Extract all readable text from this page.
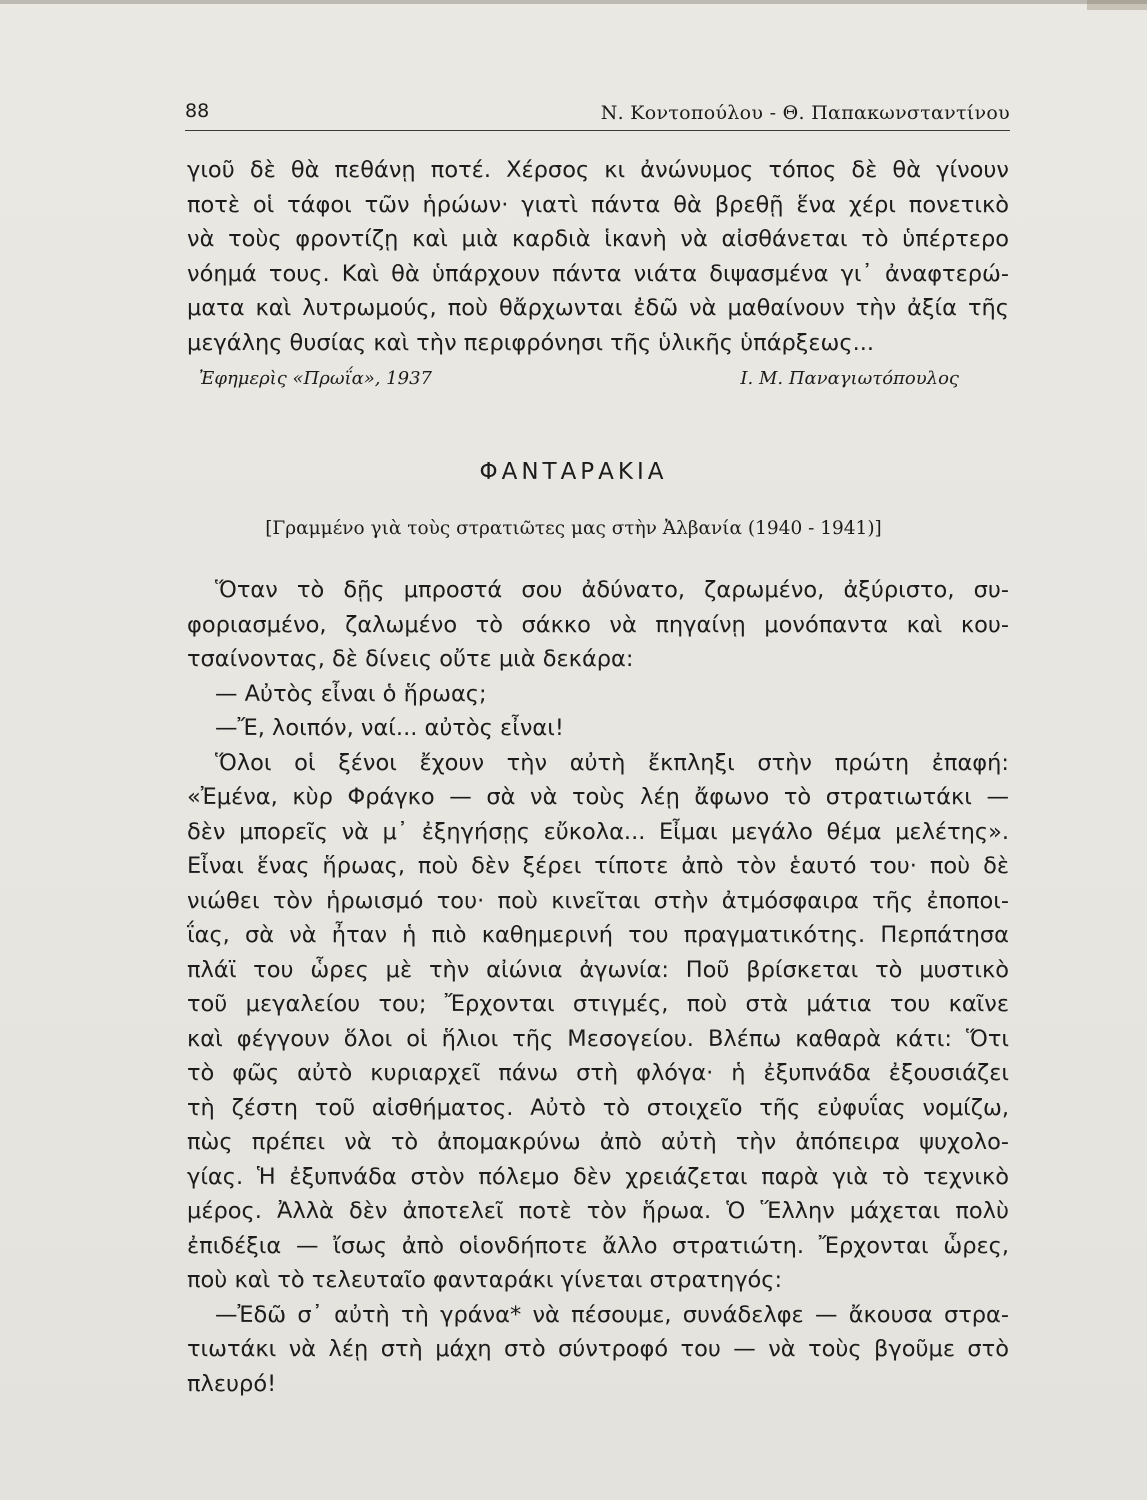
88	Ν. Κοντοπούλου - Θ. Παπακωνσταντίνου
γιοῦ δὲ θὰ πεθάνῃ ποτέ. Χέρσος κι ἀνώνυμος τόπος δὲ θὰ γίνουν
ποτὲ οἱ τάφοι τῶν ἡρώων· γιατὶ πάντα θὰ βρεθῇ ἕνα χέρι πονετικὸ
νὰ τοὺς φροντίζῃ καὶ μιὰ καρδιὰ ἱκανὴ νὰ αἰσθάνεται τὸ ὑπέρτερο
νόημά τους. Καὶ θὰ ὑπάρχουν πάντα νιάτα διψασμένα γι᾽ ἀναφτερώ-
ματα καὶ λυτρωμούς, ποὺ θἄρχωνται ἐδῶ νὰ μαθαίνουν τὴν ἀξία τῆς
μεγάλης θυσίας καὶ τὴν περιφρόνησι τῆς ὑλικῆς ὑπάρξεως...
Ἐφημερὶς «Πρωΐα», 1937	Ι. Μ. Παναγιωτόπουλος
ΦΑΝΤΑΡΑΚΙΑ
[Γραμμένο γιὰ τοὺς στρατιῶτες μας στὴν Ἀλβανία (1940 - 1941)]
Ὅταν τὸ δῇς μπροστά σου ἀδύνατο, ζαρωμένο, ἀξύριστο, συ-
φοριασμένο, ζαλωμένο τὸ σάκκο νὰ πηγαίνῃ μονόπαντα καὶ κου-
τσαίνοντας, δὲ δίνεις οὔτε μιὰ δεκάρα:
— Αὐτὸς εἶναι ὁ ἥρωας;
—Ἔ, λοιπόν, ναί... αὐτὸς εἶναι!
Ὅλοι οἱ ξένοι ἔχουν τὴν αὐτὴ ἔκπληξι στὴν πρώτη ἐπαφή:
«Ἐμένα, κὺρ Φράγκο — σὰ νὰ τοὺς λέῃ ἄφωνο τὸ στρατιωτάκι —
δὲν μπορεῖς νὰ μ᾽ ἐξηγήσῃς εὔκολα... Εἶμαι μεγάλο θέμα μελέτης».
Εἶναι ἕνας ἥρωας, ποὺ δὲν ξέρει τίποτε ἀπὸ τὸν ἑαυτό του· ποὺ δὲ
νιώθει τὸν ἡρωισμό του· ποὺ κινεῖται στὴν ἀτμόσφαιρα τῆς ἐποποι-
ΐας, σὰ νὰ ἦταν ἡ πιὸ καθημερινή του πραγματικότης. Περπάτησα
πλάϊ του ὧρες μὲ τὴν αἰώνια ἀγωνία: Ποῦ βρίσκεται τὸ μυστικὸ
τοῦ μεγαλείου του; Ἔρχονται στιγμές, ποὺ στὰ μάτια του καῖνε
καὶ φέγγουν ὅλοι οἱ ἥλιοι τῆς Μεσογείου. Βλέπω καθαρὰ κάτι: Ὅτι
τὸ φῶς αὐτὸ κυριαρχεῖ πάνω στὴ φλόγα· ἡ ἐξυπνάδα ἐξουσιάζει
τὴ ζέστη τοῦ αἰσθήματος. Αὐτὸ τὸ στοιχεῖο τῆς εὐφυΐας νομίζω,
πὼς πρέπει νὰ τὸ ἀπομακρύνω ἀπὸ αὐτὴ τὴν ἀπόπειρα ψυχολο-
γίας. Ἡ ἐξυπνάδα στὸν πόλεμο δὲν χρειάζεται παρὰ γιὰ τὸ τεχνικὸ
μέρος. Ἀλλὰ δὲν ἀποτελεῖ ποτὲ τὸν ἥρωα. Ὁ Ἕλλην μάχεται πολὺ
ἐπιδέξια — ἴσως ἀπὸ οἱονδήποτε ἄλλο στρατιώτη. Ἔρχονται ὧρες,
ποὺ καὶ τὸ τελευταῖο φανταράκι γίνεται στρατηγός:
—Ἐδῶ σ᾽ αὐτὴ τὴ γράνα* νὰ πέσουμε, συνάδελφε — ἄκουσα στρα-
τιωτάκι νὰ λέῃ στὴ μάχη στὸ σύντροφό του — νὰ τοὺς βγοῦμε στὸ
πλευρό!
